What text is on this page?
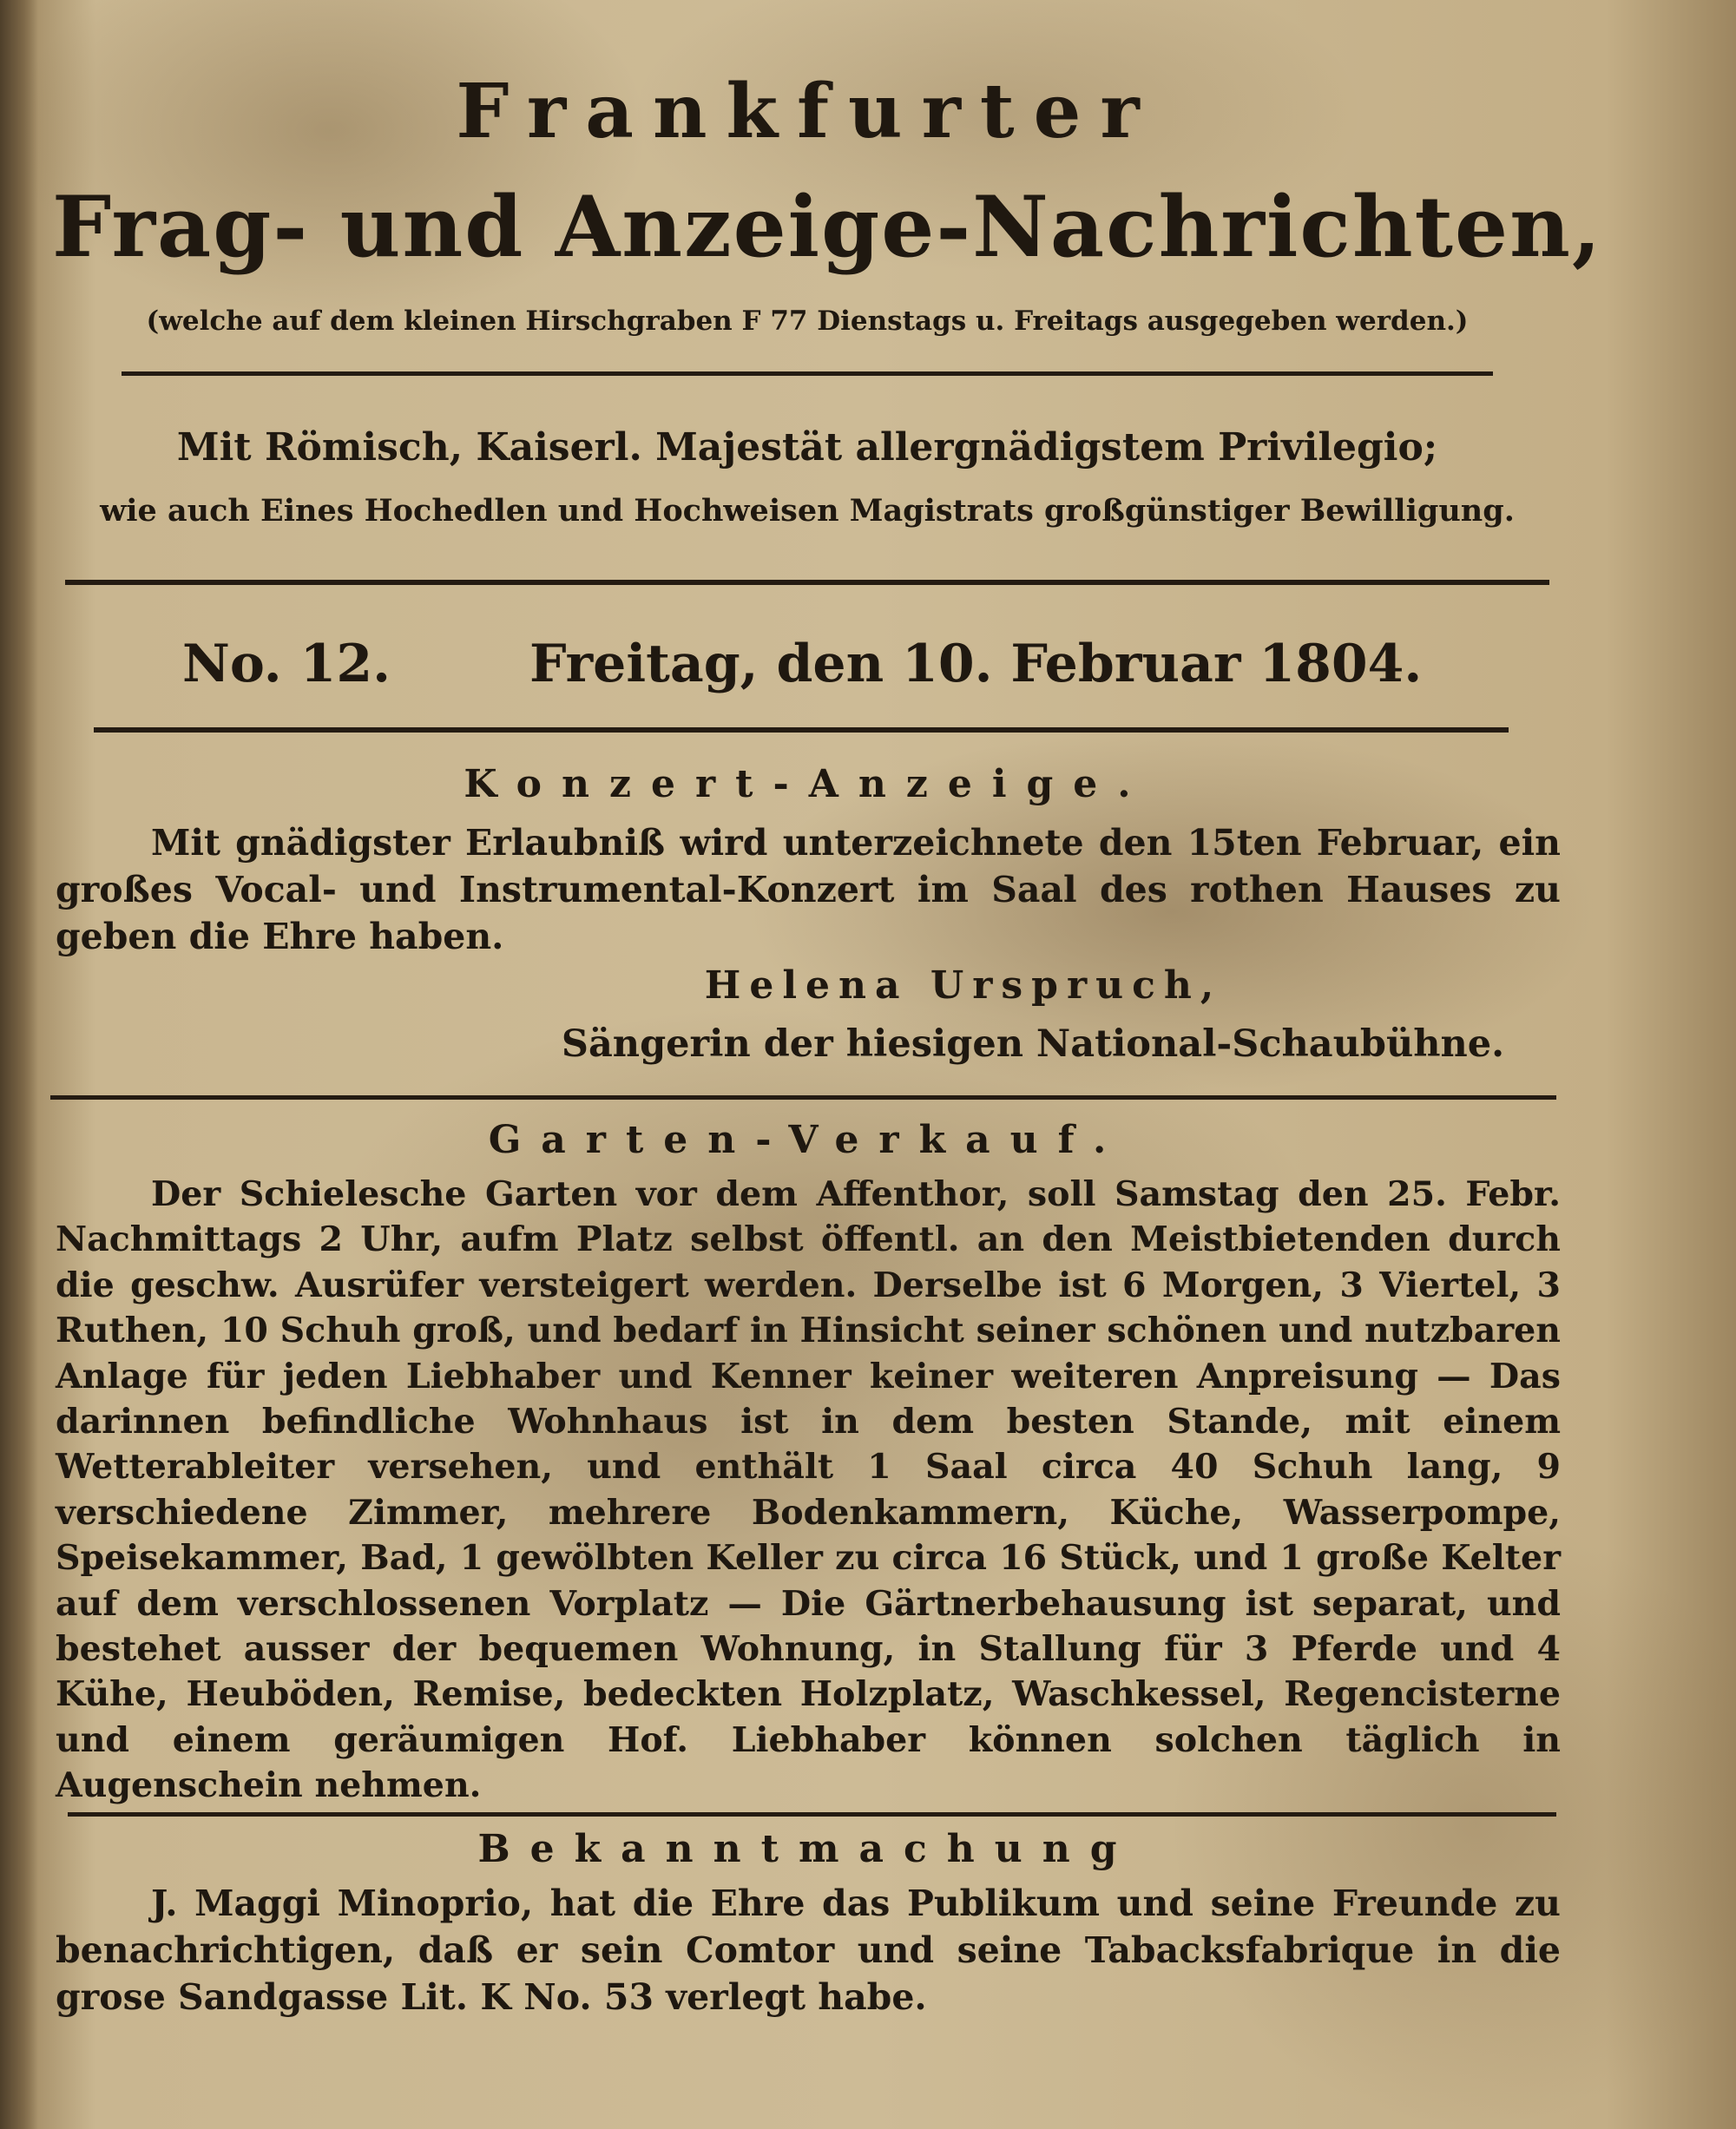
Frankfurter
Frag- und Anzeige-Nachrichten,
(welche auf dem kleinen Hirschgraben F 77 Dienstags u. Freitags ausgegeben werden.)
Mit Römisch, Kaiserl. Majestät allergnädigstem Privilegio;
wie auch Eines Hochedlen und Hochweisen Magistrats großgünstiger Bewilligung.
No. 12.	Freitag, den 10. Februar 1804.
Konzert-Anzeige.

Mit gnädigster Erlaubniß wird unterzeichnete den 15ten Februar, ein großes Vocal- und Instrumental-Konzert im Saal des rothen Hauses zu geben die Ehre haben.

Helena Urspruch,
Sängerin der hiesigen National-Schaubühne.
Garten-Verkauf.

Der Schielesche Garten vor dem Affenthor, soll Samstag den 25. Febr. Nachmittags 2 Uhr, aufm Platz selbst öffentl. an den Meistbietenden durch die geschw. Ausrüfer versteigert werden. Derselbe ist 6 Morgen, 3 Viertel, 3 Ruthen, 10 Schuh groß, und bedarf in Hinsicht seiner schönen und nutzbaren Anlage für jeden Liebhaber und Kenner keiner weiteren Anpreisung — Das darinnen befindliche Wohnhaus ist in dem besten Stande, mit einem Wetterableiter versehen, und enthält 1 Saal circa 40 Schuh lang, 9 verschiedene Zimmer, mehrere Bodenkammern, Küche, Wasserpompe, Speisekammer, Bad, 1 gewölbten Keller zu circa 16 Stück, und 1 große Kelter auf dem verschlossenen Vorplatz — Die Gärtnerbehausung ist separat, und bestehet ausser der bequemen Wohnung, in Stallung für 3 Pferde und 4 Kühe, Heuböden, Remise, bedeckten Holzplatz, Waschkessel, Regencisterne und einem geräumigen Hof. Liebhaber können solchen täglich in Augenschein nehmen.

Bekanntmachung

J. Maggi Minoprio, hat die Ehre das Publikum und seine Freunde zu benachrichtigen, daß er sein Comtor und seine Tabacksfabrique in die grose Sandgasse Lit. K No. 53 verlegt habe.
